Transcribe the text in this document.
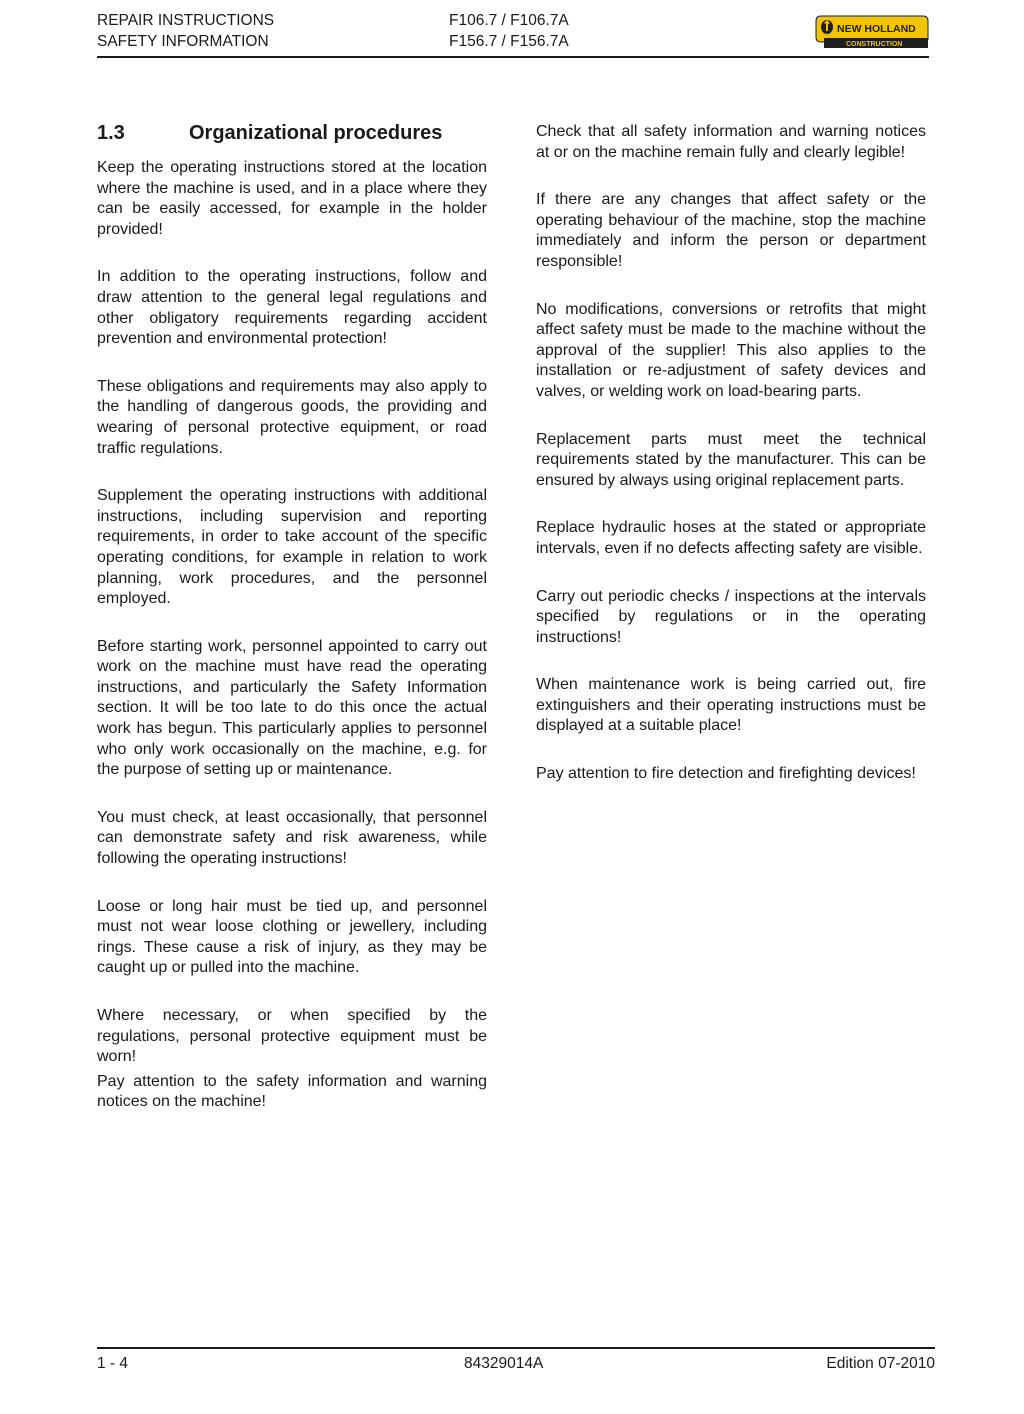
REPAIR INSTRUCTIONS
SAFETY INFORMATION
F106.7 / F106.7A
F156.7 / F156.7A
NEW HOLLAND
CONSTRUCTION
1.3	Organizational procedures

Keep the operating instructions stored at the location where the machine is used, and in a place where they can be easily accessed, for example in the holder provided!

In addition to the operating instructions, follow and draw attention to the general legal regulations and other obligatory requirements regarding accident prevention and environmental protection!

These obligations and requirements may also apply to the handling of dangerous goods, the providing and wearing of personal protective equipment, or road traffic regulations.

Supplement the operating instructions with additional instructions, including supervision and reporting requirements, in order to take account of the specific operating conditions, for example in relation to work planning, work procedures, and the personnel employed.

Before starting work, personnel appointed to carry out work on the machine must have read the operating instructions, and particularly the Safety Information section. It will be too late to do this once the actual work has begun. This particularly applies to personnel who only work occasionally on the machine, e.g. for the purpose of setting up or maintenance.

You must check, at least occasionally, that personnel can demonstrate safety and risk awareness, while following the operating instructions!

Loose or long hair must be tied up, and personnel must not wear loose clothing or jewellery, including rings. These cause a risk of injury, as they may be caught up or pulled into the machine.

Where necessary, or when specified by the regulations, personal protective equipment must be worn!

Pay attention to the safety information and warning notices on the machine!

Check that all safety information and warning notices at or on the machine remain fully and clearly legible!

If there are any changes that affect safety or the operating behaviour of the machine, stop the machine immediately and inform the person or department responsible!

No modifications, conversions or retrofits that might affect safety must be made to the machine without the approval of the supplier! This also applies to the installation or re-adjustment of safety devices and valves, or welding work on load-bearing parts.

Replacement parts must meet the technical requirements stated by the manufacturer. This can be ensured by always using original replacement parts.

Replace hydraulic hoses at the stated or appropriate intervals, even if no defects affecting safety are visible.

Carry out periodic checks / inspections at the intervals specified by regulations or in the operating instructions!

When maintenance work is being carried out, fire extinguishers and their operating instructions must be displayed at a suitable place!

Pay attention to fire detection and firefighting devices!

1 - 4	84329014A	Edition 07-2010
